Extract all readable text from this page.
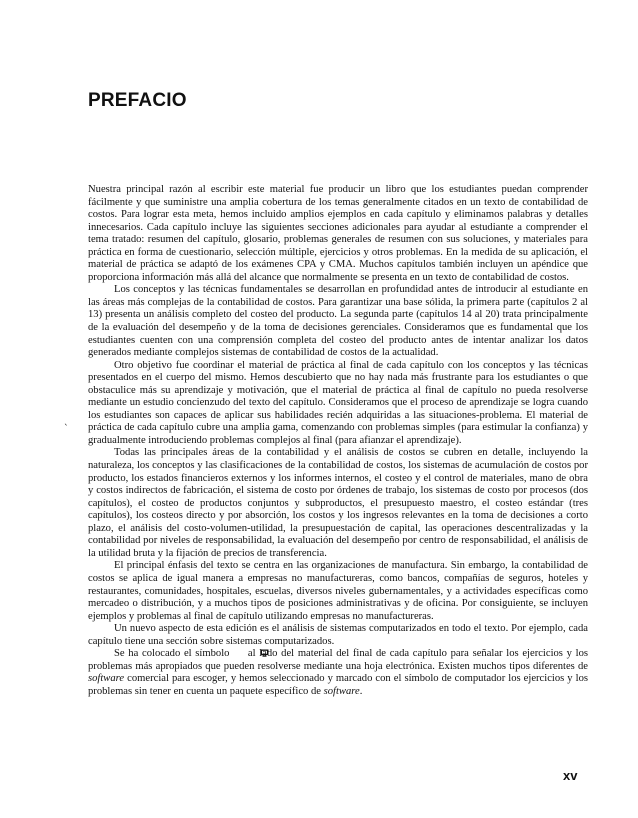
PREFACIO
`

Nuestra principal razón al escribir este material fue producir un libro que los estudiantes puedan comprender fácilmente y que suministre una amplia cobertura de los temas generalmente citados en un texto de contabilidad de costos. Para lograr esta meta, hemos incluido amplios ejemplos en cada capítulo y eliminamos palabras y detalles innecesarios. Cada capítulo incluye las siguientes secciones adicionales para ayudar al estudiante a comprender el tema tratado: resumen del capítulo, glosario, problemas generales de resumen con sus soluciones, y materiales para práctica en forma de cuestionario, selección múltiple, ejercicios y otros problemas. En la medida de su aplicación, el material de práctica se adaptó de los exámenes CPA y CMA. Muchos capítulos también incluyen un apéndice que proporciona información más allá del alcance que normalmente se presenta en un texto de contabilidad de costos.

Los conceptos y las técnicas fundamentales se desarrollan en profundidad antes de introducir al estudiante en las áreas más complejas de la contabilidad de costos. Para garantizar una base sólida, la primera parte (capítulos 2 al 13) presenta un análisis completo del costeo del producto. La segunda parte (capítulos 14 al 20) trata principalmente de la evaluación del desempeño y de la toma de decisiones gerenciales. Consideramos que es fundamental que los estudiantes cuenten con una comprensión completa del costeo del producto antes de intentar analizar los datos generados mediante complejos sistemas de contabilidad de costos de la actualidad.

Otro objetivo fue coordinar el material de práctica al final de cada capítulo con los conceptos y las técnicas presentados en el cuerpo del mismo. Hemos descubierto que no hay nada más frustrante para los estudiantes o que obstaculice más su aprendizaje y motivación, que el material de práctica al final de capítulo no pueda resolverse mediante un estudio concienzudo del texto del capítulo. Consideramos que el proceso de aprendizaje se logra cuando los estudiantes son capaces de aplicar sus habilidades recién adquiridas a las situaciones-problema. El material de práctica de cada capítulo cubre una amplia gama, comenzando con problemas simples (para estimular la confianza) y gradualmente introduciendo problemas complejos al final (para afianzar el aprendizaje).

Todas las principales áreas de la contabilidad y el análisis de costos se cubren en detalle, incluyendo la naturaleza, los conceptos y las clasificaciones de la contabilidad de costos, los sistemas de acumulación de costos por producto, los estados financieros externos y los informes internos, el costeo y el control de materiales, mano de obra y costos indirectos de fabricación, el sistema de costo por órdenes de trabajo, los sistemas de costo por procesos (dos capítulos), el costeo de productos conjuntos y subproductos, el presupuesto maestro, el costeo estándar (tres capítulos), los costeos directo y por absorción, los costos y los ingresos relevantes en la toma de decisiones a corto plazo, el análisis del costo-volumen-utilidad, la presupuestación de capital, las operaciones descentralizadas y la contabilidad por niveles de responsabilidad, la evaluación del desempeño por centro de responsabilidad, el análisis de la utilidad bruta y la fijación de precios de transferencia.

El principal énfasis del texto se centra en las organizaciones de manufactura. Sin embargo, la contabilidad de costos se aplica de igual manera a empresas no manufactureras, como bancos, compañías de seguros, hoteles y restaurantes, comunidades, hospitales, escuelas, diversos niveles gubernamentales, y a actividades específicas como mercadeo o distribución, y a muchos tipos de posiciones administrativas y de oficina. Por consiguiente, se incluyen ejemplos y problemas al final de capítulo utilizando empresas no manufactureras.

Un nuevo aspecto de esta edición es el análisis de sistemas computarizados en todo el texto. Por ejemplo, cada capítulo tiene una sección sobre sistemas computarizados.

Se ha colocado el símbolo al lado del material del final de cada capítulo para señalar los ejercicios y los problemas más apropiados que pueden resolverse mediante una hoja electrónica. Existen muchos tipos diferentes de software comercial para escoger, y hemos seleccionado y marcado con el símbolo de computador los ejercicios y los problemas sin tener en cuenta un paquete específico de software.

xv
